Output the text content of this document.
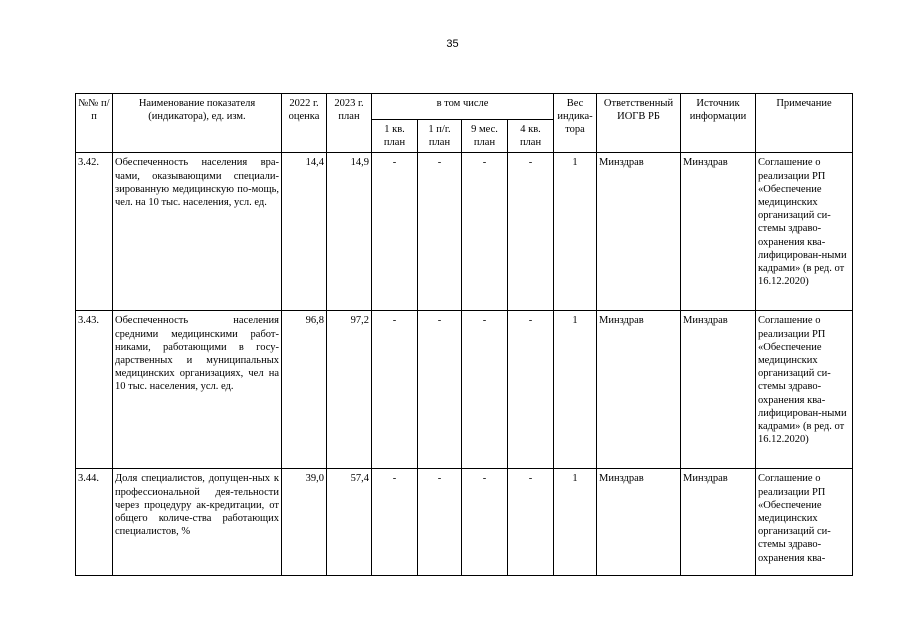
35
№№ п/п	Наименование показателя (индикатора), ед. изм.	2022 г. оценка	2023 г. план	в том числе				Вес индика-тора	Ответственный ИОГВ РБ	Источник информации	Примечание
				1 кв. план	1 п/г. план	9 мес. план	4 кв. план				
3.42.	Обеспеченность населения вра-чами, оказывающими специали-зированную медицинскую по-мощь, чел. на 10 тыс. населения, усл. ед.	14,4	14,9	-	-	-	-	1	Минздрав	Минздрав	Соглашение о реализации РП «Обеспечение медицинских организаций си-стемы здраво-охранения ква-лифицирован-ными кадрами» (в ред. от 16.12.2020)
3.43.	Обеспеченность населения средними медицинскими работ-никами, работающими в госу-дарственных и муниципальных медицинских организациях, чел на 10 тыс. населения, усл. ед.	96,8	97,2	-	-	-	-	1	Минздрав	Минздрав	Соглашение о реализации РП «Обеспечение медицинских организаций си-стемы здраво-охранения ква-лифицирован-ными кадрами» (в ред. от 16.12.2020)
3.44.	Доля специалистов, допущен-ных к профессиональной дея-тельности через процедуру ак-кредитации, от общего количе-ства работающих специалистов, %	39,0	57,4	-	-	-	-	1	Минздрав	Минздрав	Соглашение о реализации РП «Обеспечение медицинских организаций си-стемы здраво-охранения ква-
